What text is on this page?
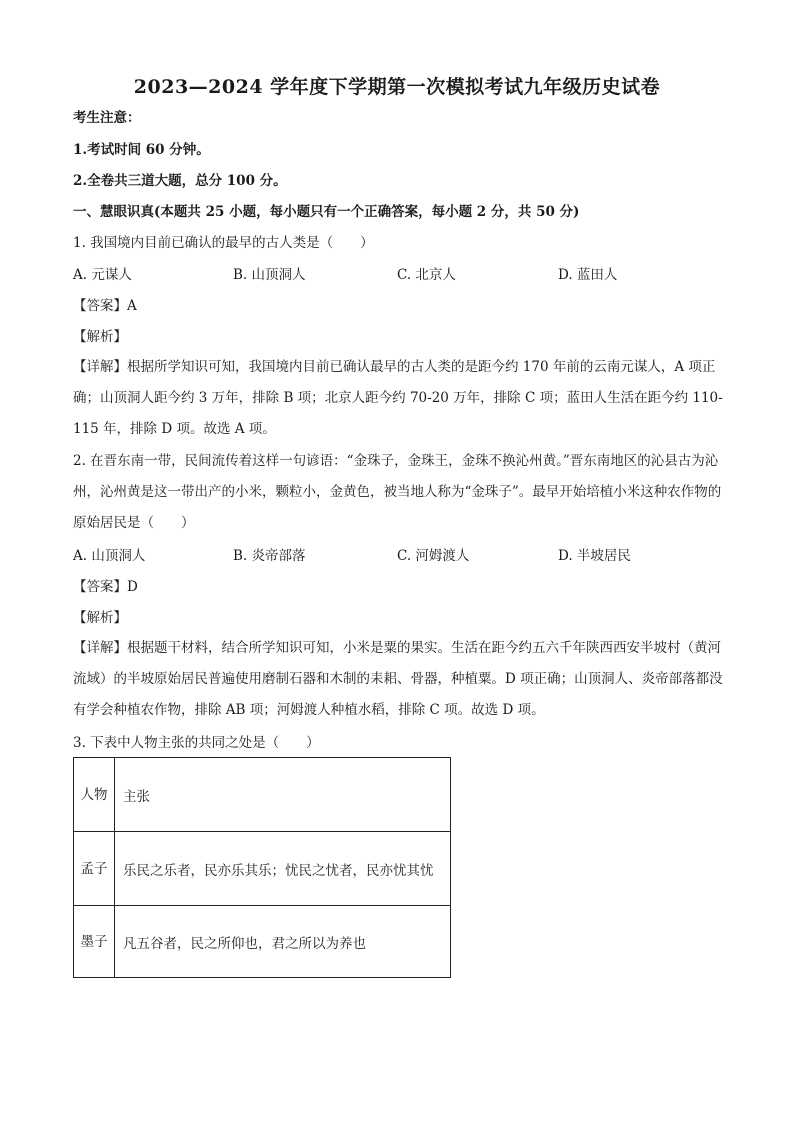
2023—2024 学年度下学期第一次模拟考试九年级历史试卷
考生注意：
1.考试时间 60 分钟。
2.全卷共三道大题，总分 100 分。
一、慧眼识真(本题共 25 小题，每小题只有一个正确答案，每小题 2 分，共 50 分)
1. 我国境内目前已确认的最早的古人类是（　　）
A. 元谋人	B. 山顶洞人	C. 北京人	D. 蓝田人
【答案】A
【解析】
【详解】根据所学知识可知，我国境内目前已确认最早的古人类的是距今约 170 年前的云南元谋人，A 项正确；山顶洞人距今约 3 万年，排除 B 项；北京人距今约 70-20 万年，排除 C 项；蓝田人生活在距今约 110-115 年，排除 D 项。故选 A 项。
2. 在晋东南一带，民间流传着这样一句谚语：“金珠子，金珠王，金珠不换沁州黄。”晋东南地区的沁县古为沁州，沁州黄是这一带出产的小米，颗粒小，金黄色，被当地人称为“金珠子”。最早开始培植小米这种农作物的原始居民是（　　）
A. 山顶洞人	B. 炎帝部落	C. 河姆渡人	D. 半坡居民
【答案】D
【解析】
【详解】根据题干材料，结合所学知识可知，小米是粟的果实。生活在距今约五六千年陕西西安半坡村（黄河流域）的半坡原始居民普遍使用磨制石器和木制的耒耜、骨器，种植粟。D 项正确；山顶洞人、炎帝部落都没有学会种植农作物，排除 AB 项；河姆渡人种植水稻，排除 C 项。故选 D 项。
3. 下表中人物主张的共同之处是（　　）
人物	主张
孟子	乐民之乐者，民亦乐其乐；忧民之忧者，民亦忧其忧
墨子	凡五谷者，民之所仰也，君之所以为养也
